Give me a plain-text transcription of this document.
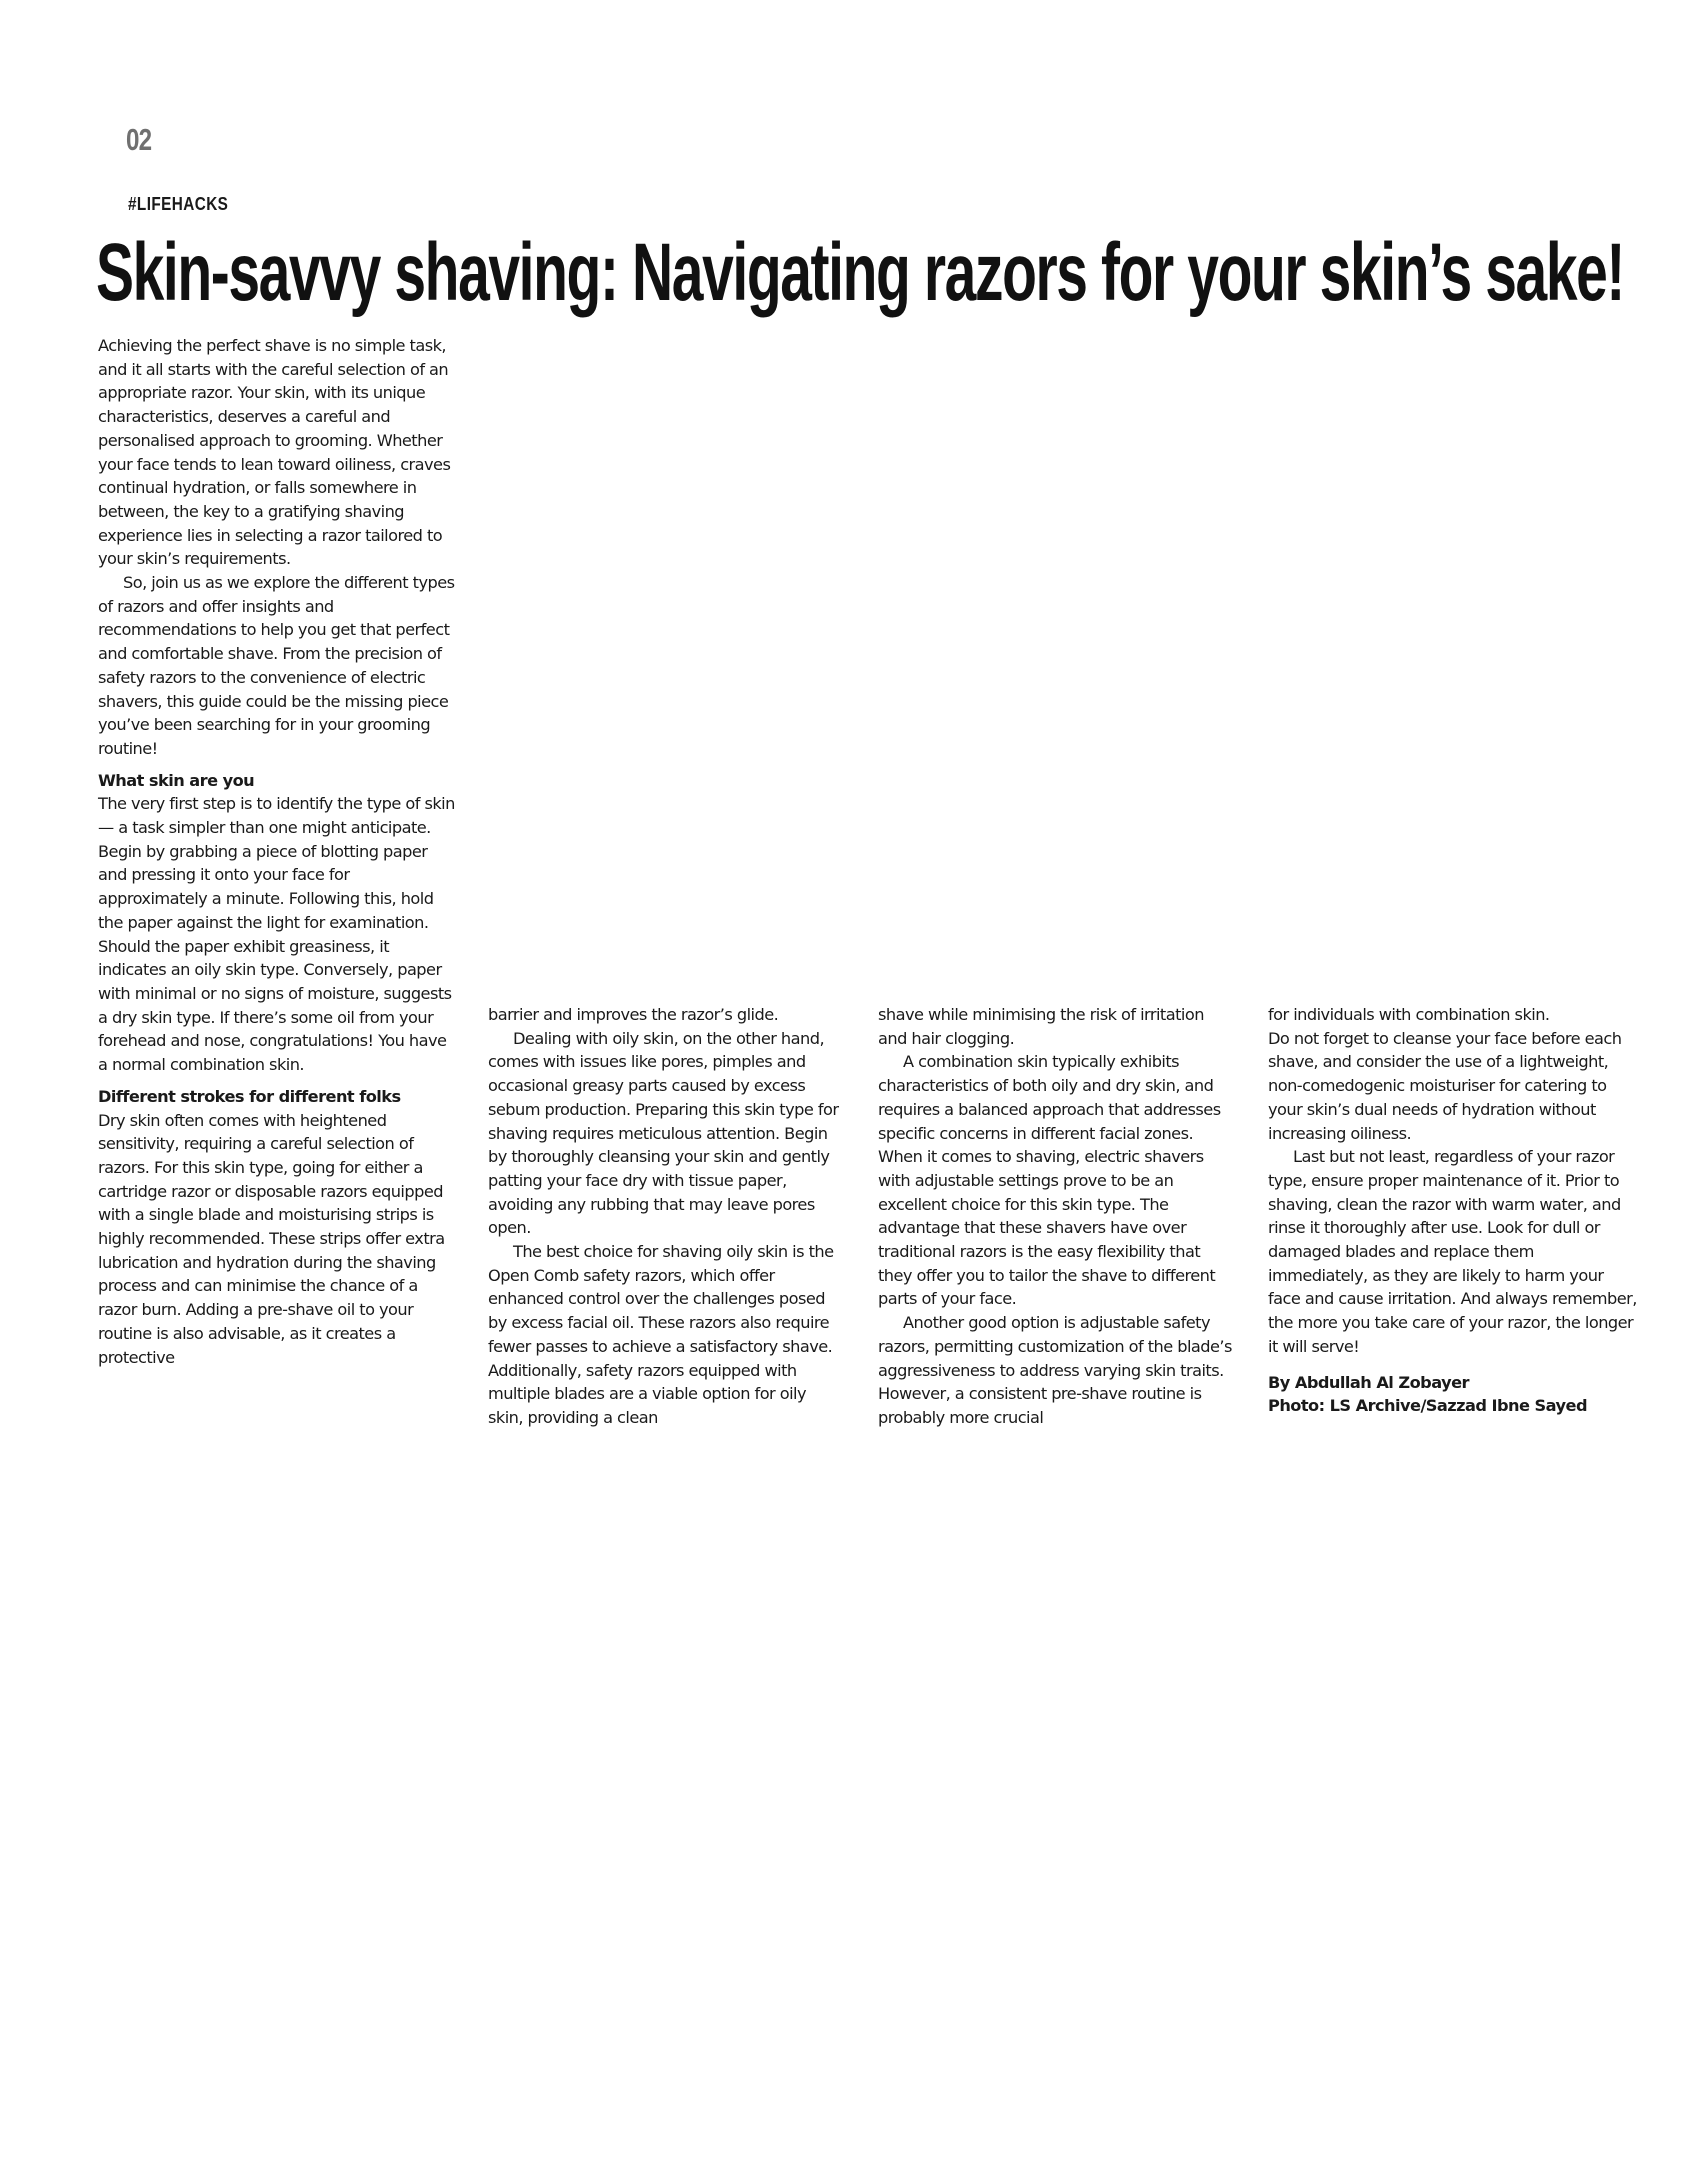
02
#LIFEHACKS
Skin-savvy shaving: Navigating razors for your skin’s sake!

Achieving the perfect shave is no simple task, and it all starts with the careful selection of an appropriate razor. Your skin, with its unique characteristics, deserves a careful and personalised approach to grooming. Whether your face tends to lean toward oiliness, craves continual hydration, or falls somewhere in between, the key to a gratifying shaving experience lies in selecting a razor tailored to your skin’s requirements.

So, join us as we explore the different types of razors and offer insights and recommendations to help you get that perfect and comfortable shave. From the precision of safety razors to the convenience of electric shavers, this guide could be the missing piece you’ve been searching for in your grooming routine!

What skin are you

The very first step is to identify the type of skin — a task simpler than one might anticipate. Begin by grabbing a piece of blotting paper and pressing it onto your face for approximately a minute. Following this, hold the paper against the light for examination. Should the paper exhibit greasiness, it indicates an oily skin type. Conversely, paper with minimal or no signs of moisture, suggests a dry skin type. If there’s some oil from your forehead and nose, congratulations! You have a normal combination skin.

Different strokes for different folks

Dry skin often comes with heightened sensitivity, requiring a careful selection of razors. For this skin type, going for either a cartridge razor or disposable razors equipped with a single blade and moisturising strips is highly recommended. These strips offer extra lubrication and hydration during the shaving process and can minimise the chance of a razor burn. Adding a pre-shave oil to your routine is also advisable, as it creates a protective

barrier and improves the razor’s glide.

Dealing with oily skin, on the other hand, comes with issues like pores, pimples and occasional greasy parts caused by excess sebum production. Preparing this skin type for shaving requires meticulous attention. Begin by thoroughly cleansing your skin and gently patting your face dry with tissue paper, avoiding any rubbing that may leave pores open.

The best choice for shaving oily skin is the Open Comb safety razors, which offer enhanced control over the challenges posed by excess facial oil. These razors also require fewer passes to achieve a satisfactory shave. Additionally, safety razors equipped with multiple blades are a viable option for oily skin, providing a clean

shave while minimising the risk of irritation and hair clogging.

A combination skin typically exhibits characteristics of both oily and dry skin, and requires a balanced approach that addresses specific concerns in different facial zones. When it comes to shaving, electric shavers with adjustable settings prove to be an excellent choice for this skin type. The advantage that these shavers have over traditional razors is the easy flexibility that they offer you to tailor the shave to different parts of your face.

Another good option is adjustable safety razors, permitting customization of the blade’s aggressiveness to address varying skin traits. However, a consistent pre-shave routine is probably more crucial

for individuals with combination skin.

Do not forget to cleanse your face before each shave, and consider the use of a lightweight, non-comedogenic moisturiser for catering to your skin’s dual needs of hydration without increasing oiliness.

Last but not least, regardless of your razor type, ensure proper maintenance of it. Prior to shaving, clean the razor with warm water, and rinse it thoroughly after use. Look for dull or damaged blades and replace them immediately, as they are likely to harm your face and cause irritation. And always remember, the more you take care of your razor, the longer it will serve!

By Abdullah Al Zobayer

Photo: LS Archive/Sazzad Ibne Sayed
